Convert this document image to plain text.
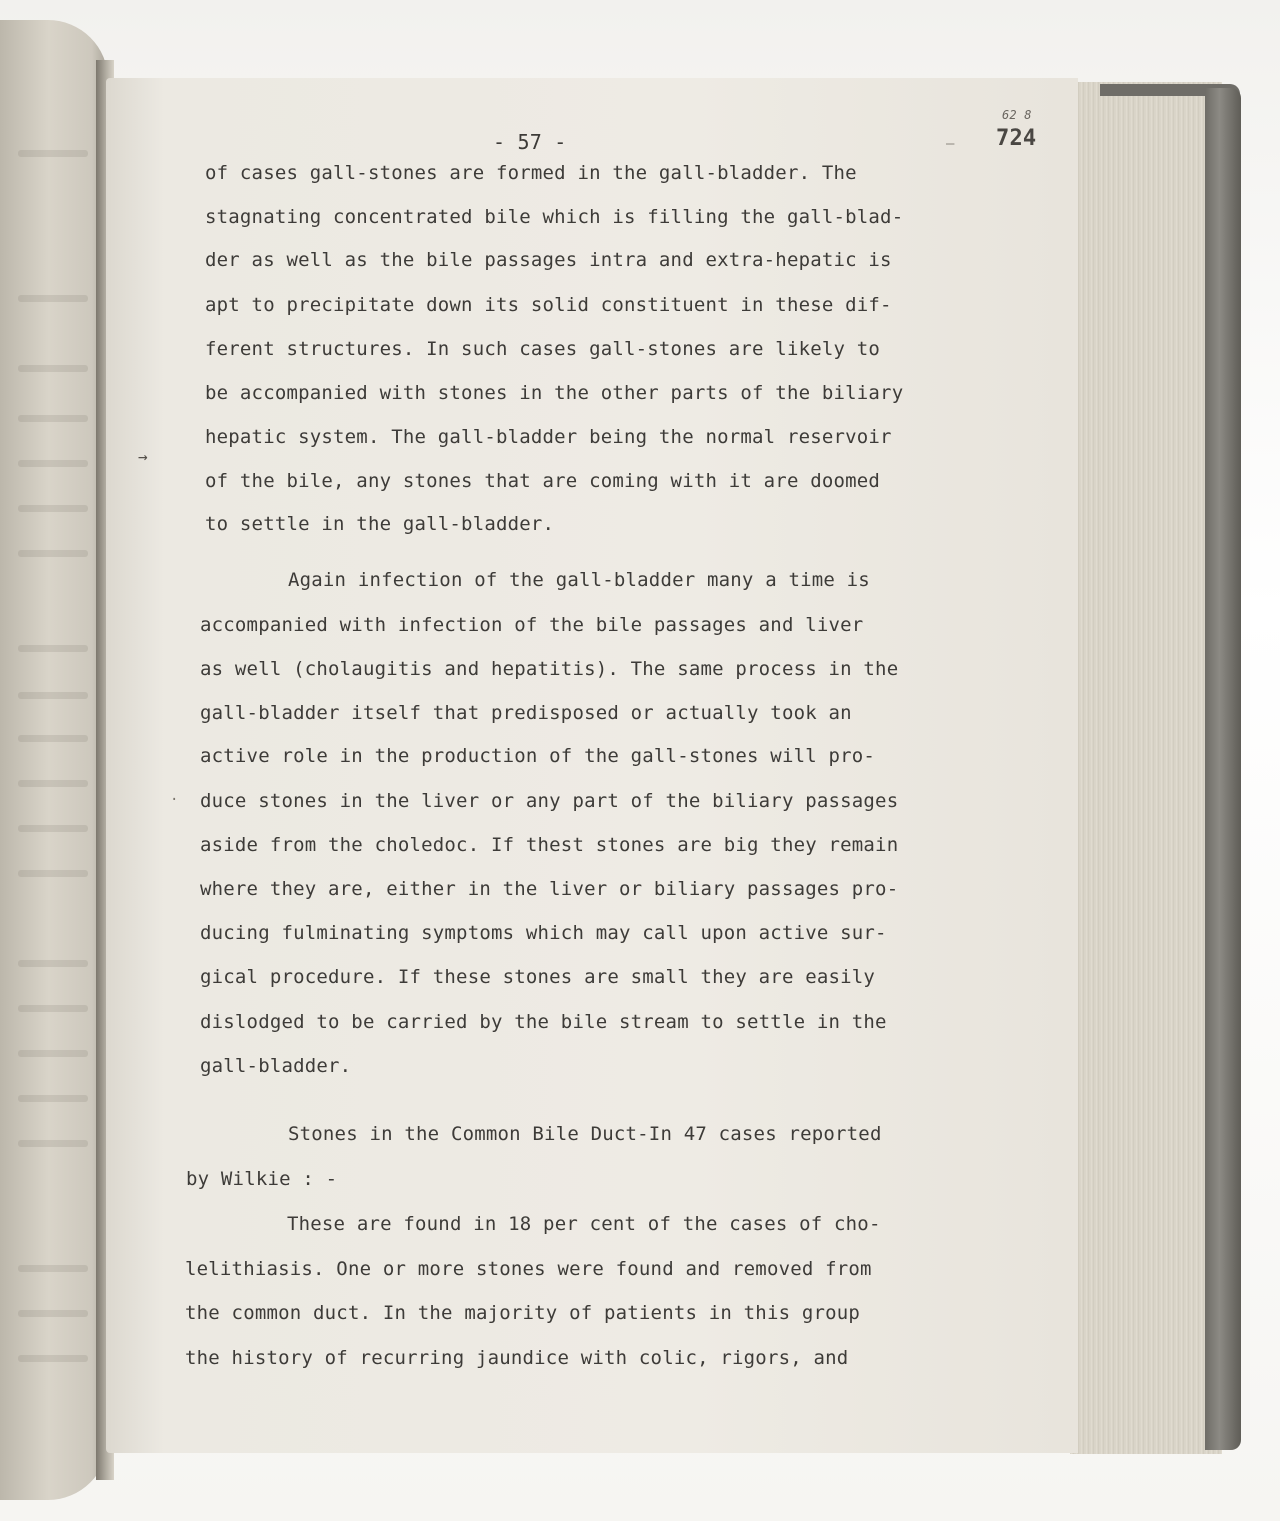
- 57 -
62 8
724
–
→
.
of cases gall-stones are formed in the gall-bladder. The
stagnating concentrated bile which is filling the gall-blad-
der as well as the bile passages intra and extra-hepatic is
apt to precipitate down its solid constituent in these dif-
ferent structures. In such cases gall-stones are likely to
be accompanied with stones in the other parts of the biliary
hepatic system. The gall-bladder being the normal reservoir
of the bile, any stones that are coming with it are doomed
to settle in the gall-bladder.
Again infection of the gall-bladder many a time is
accompanied with infection of the bile passages and liver
as well (cholaugitis and hepatitis). The same process in the
gall-bladder itself that predisposed or actually took an
active role in the production of the gall-stones will pro-
duce stones in the liver or any part of the biliary passages
aside from the choledoc. If thest stones are big they remain
where they are, either in the liver or biliary passages pro-
ducing fulminating symptoms which may call upon active sur-
gical procedure. If these stones are small they are easily
dislodged to be carried by the bile stream to settle in the
gall-bladder.
Stones in the Common Bile Duct-In 47 cases reported
by Wilkie : -
These are found in 18 per cent of the cases of cho-
lelithiasis. One or more stones were found and removed from
the common duct. In the majority of patients in this group
the history of recurring jaundice with colic, rigors, and
